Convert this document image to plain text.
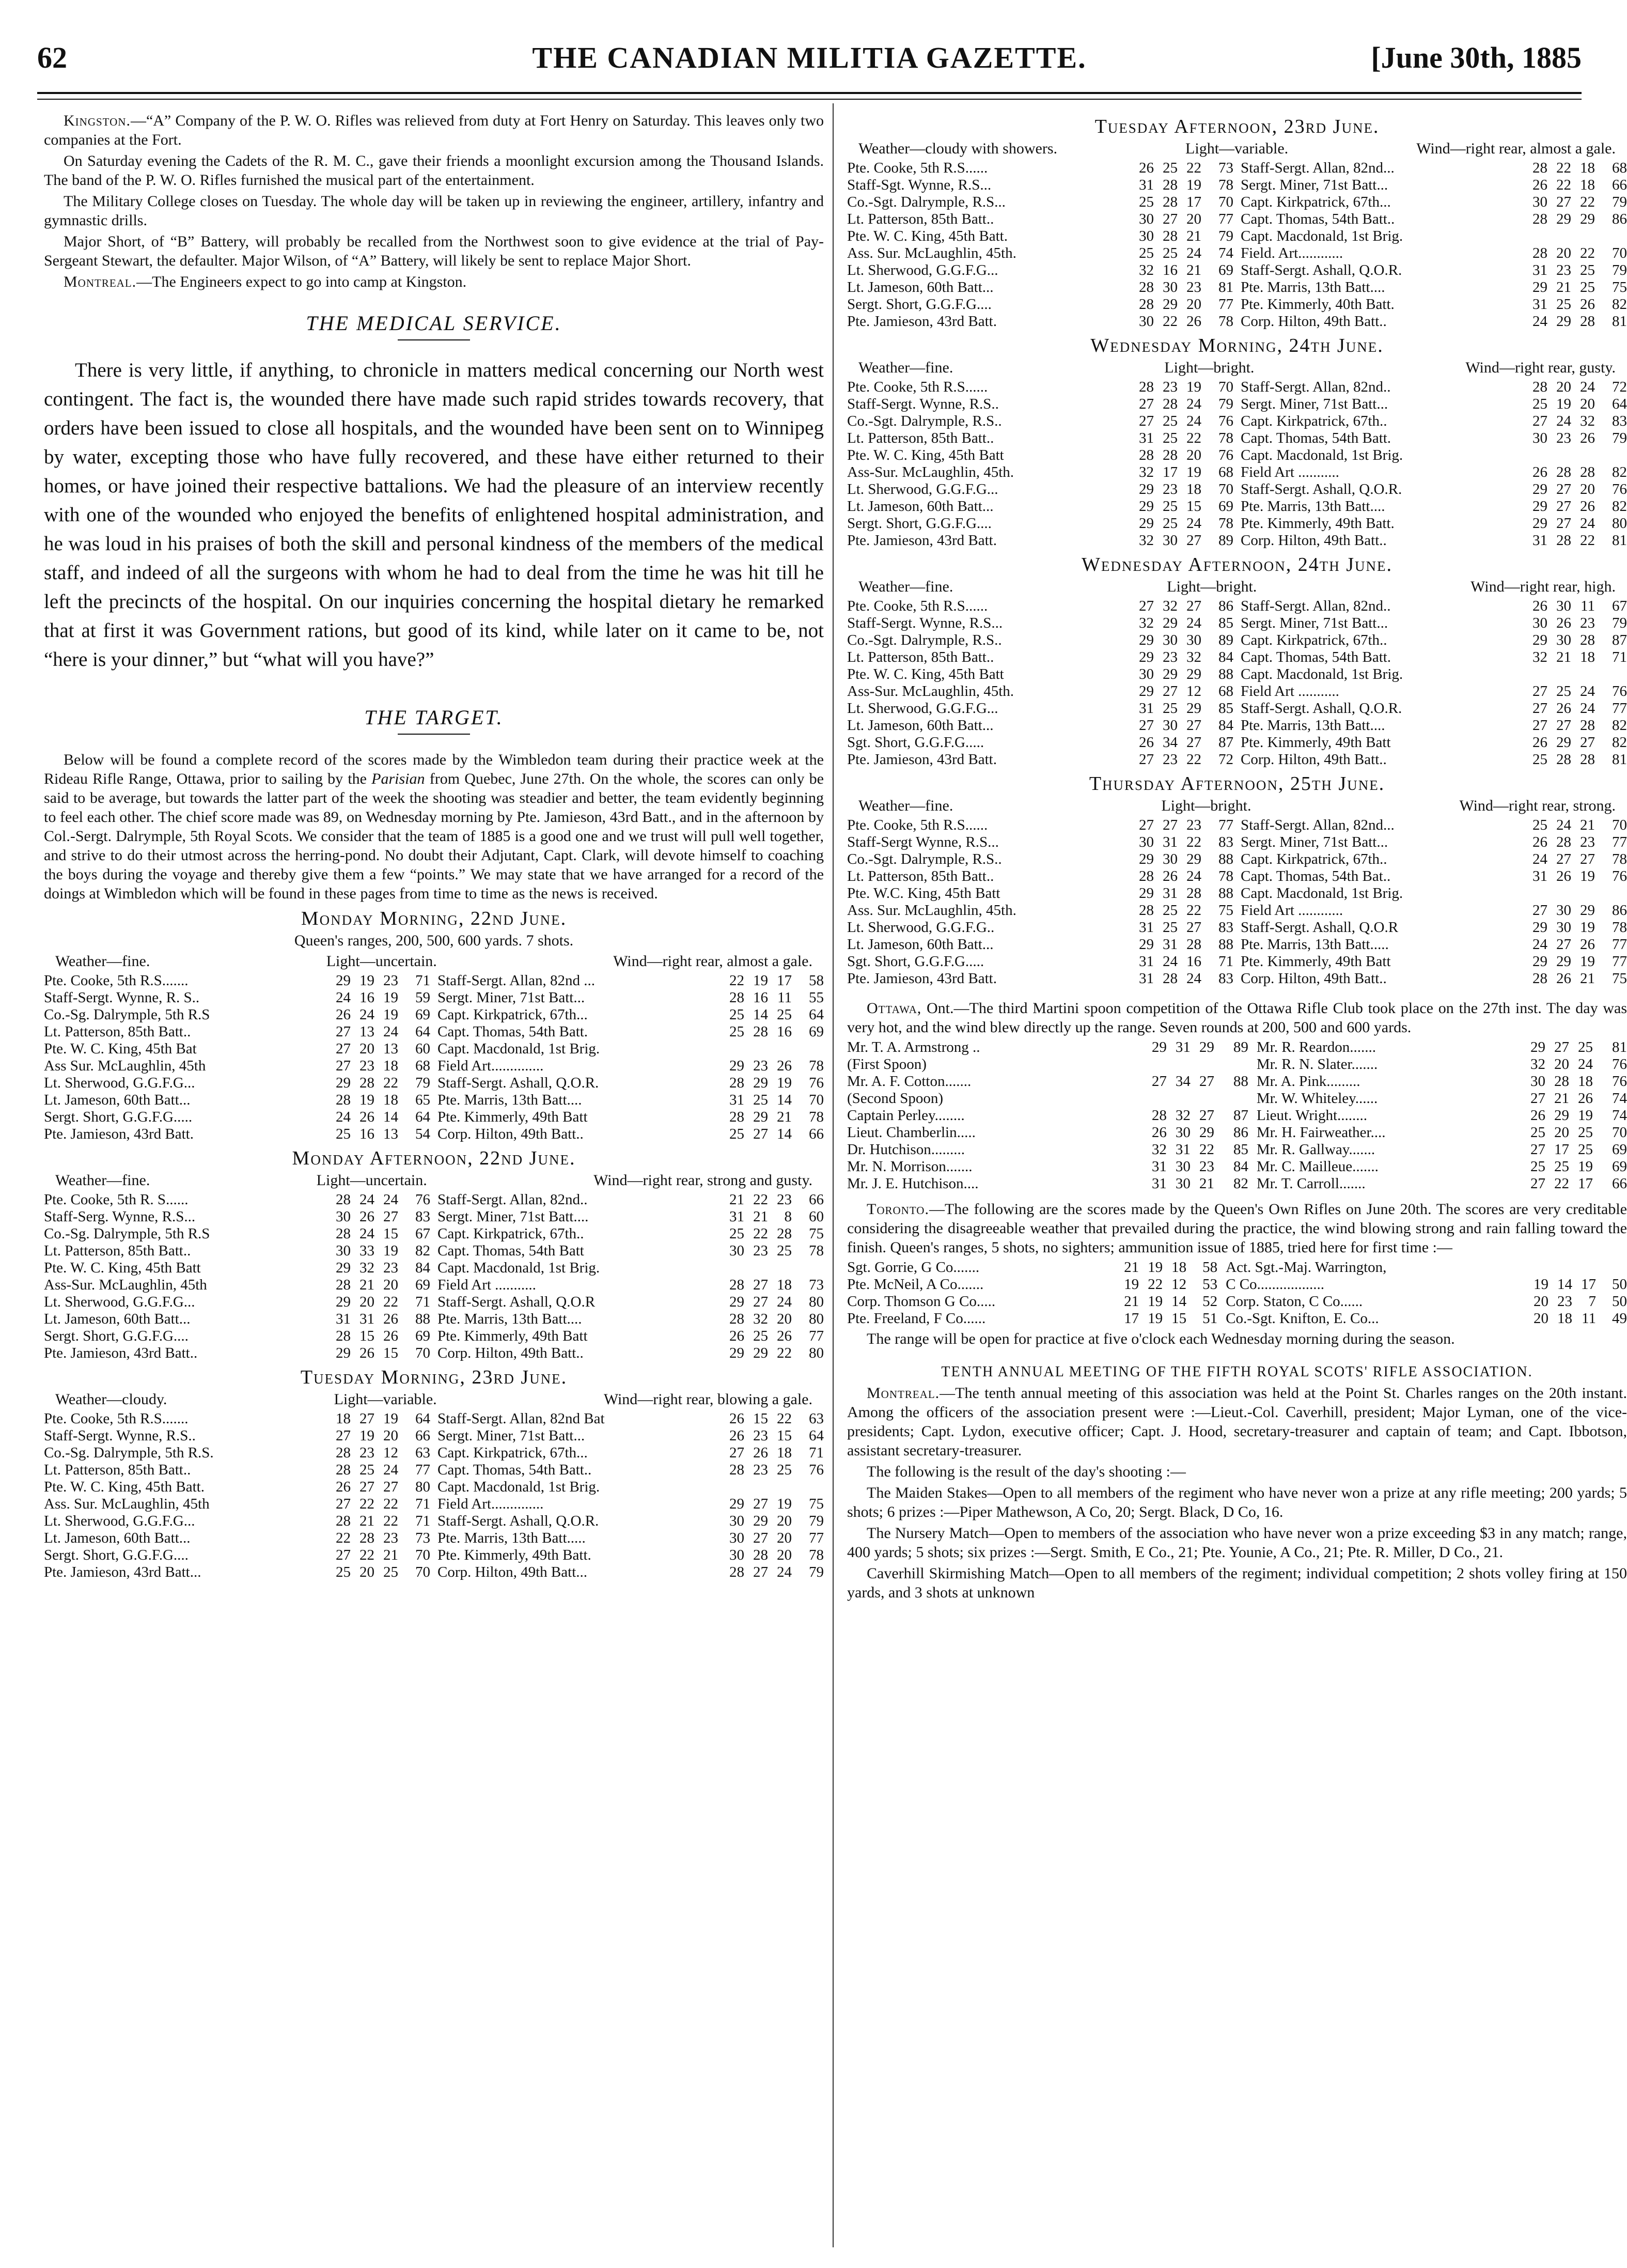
62	THE CANADIAN MILITIA GAZETTE.	[June 30th, 1885

Kingston.—“A” Company of the P. W. O. Rifles was relieved from duty at Fort Henry on Saturday. This leaves only two companies at the Fort.

On Saturday evening the Cadets of the R. M. C., gave their friends a moonlight excursion among the Thousand Islands. The band of the P. W. O. Rifles furnished the musical part of the entertainment.

The Military College closes on Tuesday. The whole day will be taken up in reviewing the engineer, artillery, infantry and gymnastic drills.

Major Short, of “B” Battery, will probably be recalled from the Northwest soon to give evidence at the trial of Pay-Sergeant Stewart, the defaulter. Major Wilson, of “A” Battery, will likely be sent to replace Major Short.

Montreal.—The Engineers expect to go into camp at Kingston.

THE MEDICAL SERVICE.

There is very little, if anything, to chronicle in matters medical concerning our North west contingent. The fact is, the wounded there have made such rapid strides towards recovery, that orders have been issued to close all hospitals, and the wounded have been sent on to Winnipeg by water, excepting those who have fully recovered, and these have either returned to their homes, or have joined their respective battalions. We had the pleasure of an interview recently with one of the wounded who enjoyed the benefits of enlightened hospital administration, and he was loud in his praises of both the skill and personal kindness of the members of the medical staff, and indeed of all the surgeons with whom he had to deal from the time he was hit till he left the precincts of the hospital. On our inquiries concerning the hospital dietary he remarked that at first it was Government rations, but good of its kind, while later on it came to be, not “here is your dinner,” but “what will you have?”

THE TARGET.

Below will be found a complete record of the scores made by the Wimbledon team during their practice week at the Rideau Rifle Range, Ottawa, prior to sailing by the Parisian from Quebec, June 27th. On the whole, the scores can only be said to be average, but towards the latter part of the week the shooting was steadier and better, the team evidently beginning to feel each other. The chief score made was 89, on Wednesday morning by Pte. Jamieson, 43rd Batt., and in the afternoon by Col.-Sergt. Dalrymple, 5th Royal Scots. We consider that the team of 1885 is a good one and we trust will pull well together, and strive to do their utmost across the herring-pond. No doubt their Adjutant, Capt. Clark, will devote himself to coaching the boys during the voyage and thereby give them a few “points.” We may state that we have arranged for a record of the doings at Wimbledon which will be found in these pages from time to time as the news is received.

Monday Morning, 22nd June.
Queen's ranges, 200, 500, 600 yards. 7 shots.
Weather—fine.	Light—uncertain.	Wind—right rear, almost a gale.
Pte. Cooke, 5th R.S.......	29 19 23	71 Staff-Sergt. Allan, 82nd ...	22 19 17	58
Staff-Sergt. Wynne, R. S..	24 16 19	59 Sergt. Miner, 71st Batt...	28 16 11	55
Co.-Sg. Dalrymple, 5th R.S	26 24 19	69 Capt. Kirkpatrick, 67th...	25 14 25	64
Lt. Patterson, 85th Batt..	27 13 24	64 Capt. Thomas, 54th Batt.	25 28 16	69
Pte. W. C. King, 45th Bat	27 20 13	60 Capt. Macdonald, 1st Brig.
Ass Sur. McLaughlin, 45th	27 23 18	68 Field Art..............	29 23 26	78
Lt. Sherwood, G.G.F.G...	29 28 22	79 Staff-Sergt. Ashall, Q.O.R.	28 29 19	76
Lt. Jameson, 60th Batt...	28 19 18	65 Pte. Marris, 13th Batt....	31 25 14	70
Sergt. Short, G.G.F.G.....	24 26 14	64 Pte. Kimmerly, 49th Batt	28 29 21	78
Pte. Jamieson, 43rd Batt.	25 16 13	54 Corp. Hilton, 49th Batt..	25 27 14	66
Monday Afternoon, 22nd June.
Weather—fine.	Light—uncertain.	Wind—right rear, strong and gusty.
Pte. Cooke, 5th R. S......	28 24 24	76 Staff-Sergt. Allan, 82nd..	21 22 23	66
Staff-Serg. Wynne, R.S...	30 26 27	83 Sergt. Miner, 71st Batt....	31 21	8	60
Co.-Sg. Dalrymple, 5th R.S	28 24 15	67 Capt. Kirkpatrick, 67th..	25 22 28	75
Lt. Patterson, 85th Batt..	30 33 19	82 Capt. Thomas, 54th Batt	30 23 25	78
Pte. W. C. King, 45th Batt	29 32 23	84 Capt. Macdonald, 1st Brig.
Ass-Sur. McLaughlin, 45th	28 21 20	69 Field Art ...........	28 27 18	73
Lt. Sherwood, G.G.F.G...	29 20 22	71 Staff-Sergt. Ashall, Q.O.R	29 27 24	80
Lt. Jameson, 60th Batt...	31 31 26	88 Pte. Marris, 13th Batt....	28 32 20	80
Sergt. Short, G.G.F.G....	28 15 26	69 Pte. Kimmerly, 49th Batt	26 25 26	77
Pte. Jamieson, 43rd Batt..	29 26 15	70 Corp. Hilton, 49th Batt..	29 29 22	80
Tuesday Morning, 23rd June.
Weather—cloudy.	Light—variable.	Wind—right rear, blowing a gale.
Pte. Cooke, 5th R.S.......	18 27 19	64 Staff-Sergt. Allan, 82nd Bat	26 15 22	63
Staff-Sergt. Wynne, R.S..	27 19 20	66 Sergt. Miner, 71st Batt...	26 23 15	64
Co.-Sg. Dalrymple, 5th R.S.	28 23 12	63 Capt. Kirkpatrick, 67th...	27 26 18	71
Lt. Patterson, 85th Batt..	28 25 24	77 Capt. Thomas, 54th Batt..	28 23 25	76
Pte. W. C. King, 45th Batt.	26 27 27	80 Capt. Macdonald, 1st Brig.
Ass. Sur. McLaughlin, 45th	27 22 22	71 Field Art..............	29 27 19	75
Lt. Sherwood, G.G.F.G...	28 21 22	71 Staff-Sergt. Ashall, Q.O.R.	30 29 20	79
Lt. Jameson, 60th Batt...	22 28 23	73 Pte. Marris, 13th Batt.....	30 27 20	77
Sergt. Short, G.G.F.G....	27 22 21	70 Pte. Kimmerly, 49th Batt.	30 28 20	78
Pte. Jamieson, 43rd Batt...	25 20 25	70 Corp. Hilton, 49th Batt...	28 27 24	79
Tuesday Afternoon, 23rd June.
Weather—cloudy with showers.	Light—variable.	Wind—right rear, almost a gale.
Pte. Cooke, 5th R.S......	26 25 22	73 Staff-Sergt. Allan, 82nd...	28 22 18	68
Staff-Sgt. Wynne, R.S...	31 28 19	78 Sergt. Miner, 71st Batt...	26 22 18	66
Co.-Sgt. Dalrymple, R.S...	25 28 17	70 Capt. Kirkpatrick, 67th...	30 27 22	79
Lt. Patterson, 85th Batt..	30 27 20	77 Capt. Thomas, 54th Batt..	28 29 29	86
Pte. W. C. King, 45th Batt.	30 28 21	79 Capt. Macdonald, 1st Brig.
Ass. Sur. McLaughlin, 45th.	25 25 24	74 Field. Art............	28 20 22	70
Lt. Sherwood, G.G.F.G...	32 16 21	69 Staff-Sergt. Ashall, Q.O.R.	31 23 25	79
Lt. Jameson, 60th Batt...	28 30 23	81 Pte. Marris, 13th Batt....	29 21 25	75
Sergt. Short, G.G.F.G....	28 29 20	77 Pte. Kimmerly, 40th Batt.	31 25 26	82
Pte. Jamieson, 43rd Batt.	30 22 26	78 Corp. Hilton, 49th Batt..	24 29 28	81
Wednesday Morning, 24th June.
Weather—fine.	Light—bright.	Wind—right rear, gusty.
Pte. Cooke, 5th R.S......	28 23 19	70 Staff-Sergt. Allan, 82nd..	28 20 24	72
Staff-Sergt. Wynne, R.S..	27 28 24	79 Sergt. Miner, 71st Batt...	25 19 20	64
Co.-Sgt. Dalrymple, R.S..	27 25 24	76 Capt. Kirkpatrick, 67th..	27 24 32	83
Lt. Patterson, 85th Batt..	31 25 22	78 Capt. Thomas, 54th Batt.	30 23 26	79
Pte. W. C. King, 45th Batt	28 28 20	76 Capt. Macdonald, 1st Brig.
Ass-Sur. McLaughlin, 45th.	32 17 19	68 Field Art ...........	26 28 28	82
Lt. Sherwood, G.G.F.G...	29 23 18	70 Staff-Sergt. Ashall, Q.O.R.	29 27 20	76
Lt. Jameson, 60th Batt...	29 25 15	69 Pte. Marris, 13th Batt....	29 27 26	82
Sergt. Short, G.G.F.G....	29 25 24	78 Pte. Kimmerly, 49th Batt.	29 27 24	80
Pte. Jamieson, 43rd Batt.	32 30 27	89 Corp. Hilton, 49th Batt..	31 28 22	81
Wednesday Afternoon, 24th June.
Weather—fine.	Light—bright.	Wind—right rear, high.
Pte. Cooke, 5th R.S......	27 32 27	86 Staff-Sergt. Allan, 82nd..	26 30 11	67
Staff-Sergt. Wynne, R.S...	32 29 24	85 Sergt. Miner, 71st Batt...	30 26 23	79
Co.-Sgt. Dalrymple, R.S..	29 30 30	89 Capt. Kirkpatrick, 67th..	29 30 28	87
Lt. Patterson, 85th Batt..	29 23 32	84 Capt. Thomas, 54th Batt.	32 21 18	71
Pte. W. C. King, 45th Batt	30 29 29	88 Capt. Macdonald, 1st Brig.
Ass-Sur. McLaughlin, 45th.	29 27 12	68 Field Art ...........	27 25 24	76
Lt. Sherwood, G.G.F.G...	31 25 29	85 Staff-Sergt. Ashall, Q.O.R.	27 26 24	77
Lt. Jameson, 60th Batt...	27 30 27	84 Pte. Marris, 13th Batt....	27 27 28	82
Sgt. Short, G.G.F.G.....	26 34 27	87 Pte. Kimmerly, 49th Batt	26 29 27	82
Pte. Jamieson, 43rd Batt.	27 23 22	72 Corp. Hilton, 49th Batt..	25 28 28	81
Thursday Afternoon, 25th June.
Weather—fine.	Light—bright.	Wind—right rear, strong.
Pte. Cooke, 5th R.S......	27 27 23	77 Staff-Sergt. Allan, 82nd...	25 24 21	70
Staff-Sergt Wynne, R.S...	30 31 22	83 Sergt. Miner, 71st Batt...	26 28 23	77
Co.-Sgt. Dalrymple, R.S..	29 30 29	88 Capt. Kirkpatrick, 67th..	24 27 27	78
Lt. Patterson, 85th Batt..	28 26 24	78 Capt. Thomas, 54th Bat..	31 26 19	76
Pte. W.C. King, 45th Batt	29 31 28	88 Capt. Macdonald, 1st Brig.
Ass. Sur. McLaughlin, 45th.	28 25 22	75 Field Art ............	27 30 29	86
Lt. Sherwood, G.G.F.G..	31 25 27	83 Staff-Sergt. Ashall, Q.O.R	29 30 19	78
Lt. Jameson, 60th Batt...	29 31 28	88 Pte. Marris, 13th Batt.....	24 27 26	77
Sgt. Short, G.G.F.G.....	31 24 16	71 Pte. Kimmerly, 49th Batt	29 29 19	77
Pte. Jamieson, 43rd Batt.	31 28 24	83 Corp. Hilton, 49th Batt..	28 26 21	75

Ottawa, Ont.—The third Martini spoon competition of the Ottawa Rifle Club took place on the 27th inst. The day was very hot, and the wind blew directly up the range. Seven rounds at 200, 500 and 600 yards.

Mr. T. A. Armstrong ..	29 31 29	89 Mr. R. Reardon.......	29 27 25	81
(First Spoon)	Mr. R. N. Slater.......	32 20 24	76
Mr. A. F. Cotton.......	27 34 27	88 Mr. A. Pink.........	30 28 18	76
(Second Spoon)	Mr. W. Whiteley......	27 21 26	74
Captain Perley........	28 32 27	87 Lieut. Wright........	26 29 19	74
Lieut. Chamberlin.....	26 30 29	86 Mr. H. Fairweather....	25 20 25	70
Dr. Hutchison.........	32 31 22	85 Mr. R. Gallway.......	27 17 25	69
Mr. N. Morrison.......	31 30 23	84 Mr. C. Mailleue.......	25 25 19	69
Mr. J. E. Hutchison....	31 30 21	82 Mr. T. Carroll.......	27 22 17	66

Toronto.—The following are the scores made by the Queen's Own Rifles on June 20th. The scores are very creditable considering the disagreeable weather that prevailed during the practice, the wind blowing strong and rain falling toward the finish. Queen's ranges, 5 shots, no sighters; ammunition issue of 1885, tried here for first time :—

Sgt. Gorrie, G Co.......	21 19 18	58 Act. Sgt.-Maj. Warrington,
Pte. McNeil, A Co.......	19 22 12	53 C Co..................	19 14 17	50
Corp. Thomson G Co.....	21 19 14	52 Corp. Staton, C Co......	20 23	7	50
Pte. Freeland, F Co......	17 19 15	51 Co.-Sgt. Knifton, E. Co...	20 18 11	49

The range will be open for practice at five o'clock each Wednesday morning during the season.

TENTH ANNUAL MEETING OF THE FIFTH ROYAL SCOTS' RIFLE ASSOCIATION.

Montreal.—The tenth annual meeting of this association was held at the Point St. Charles ranges on the 20th instant. Among the officers of the association present were :—Lieut.-Col. Caverhill, president; Major Lyman, one of the vice-presidents; Capt. Lydon, executive officer; Capt. J. Hood, secretary-treasurer and captain of team; and Capt. Ibbotson, assistant secretary-treasurer.

The following is the result of the day's shooting :—

The Maiden Stakes—Open to all members of the regiment who have never won a prize at any rifle meeting; 200 yards; 5 shots; 6 prizes :—Piper Mathewson, A Co, 20; Sergt. Black, D Co, 16.

The Nursery Match—Open to members of the association who have never won a prize exceeding $3 in any match; range, 400 yards; 5 shots; six prizes :—Sergt. Smith, E Co., 21; Pte. Younie, A Co., 21; Pte. R. Miller, D Co., 21.

Caverhill Skirmishing Match—Open to all members of the regiment; individual competition; 2 shots volley firing at 150 yards, and 3 shots at unknown
